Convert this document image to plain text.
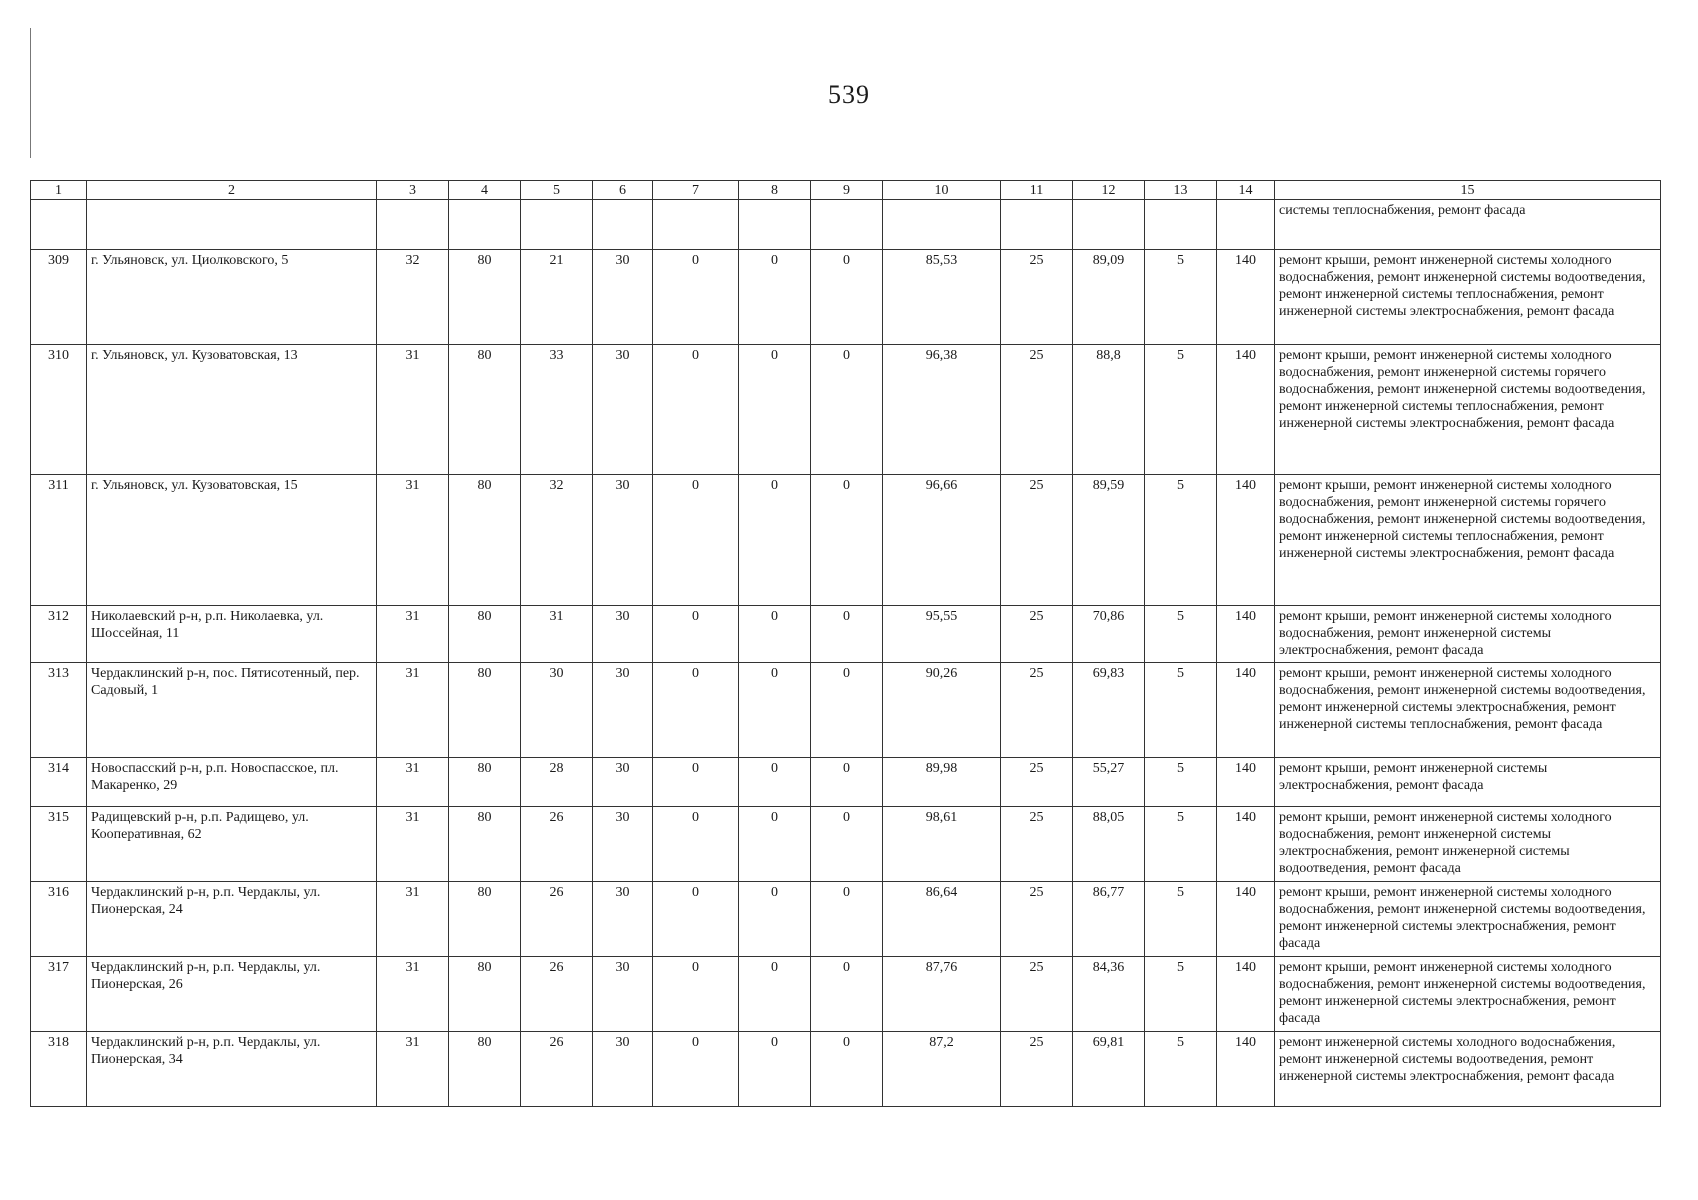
539
1	2	3	4	5	6	7	8	9	10	11	12	13	14	15
														системы теплоснабжения, ремонт фасада
309	г. Ульяновск, ул. Циолковского, 5	32	80	21	30	0	0	0	85,53	25	89,09	5	140	ремонт крыши, ремонт инженерной системы холодного водоснабжения, ремонт инженерной системы водоотведения, ремонт инженерной системы теплоснабжения, ремонт инженерной системы электроснабжения, ремонт фасада
310	г. Ульяновск, ул. Кузоватовская, 13	31	80	33	30	0	0	0	96,38	25	88,8	5	140	ремонт крыши, ремонт инженерной системы холодного водоснабжения, ремонт инженерной системы горячего водоснабжения, ремонт инженерной системы водоотведения, ремонт инженерной системы теплоснабжения, ремонт инженерной системы электроснабжения, ремонт фасада
311	г. Ульяновск, ул. Кузоватовская, 15	31	80	32	30	0	0	0	96,66	25	89,59	5	140	ремонт крыши, ремонт инженерной системы холодного водоснабжения, ремонт инженерной системы горячего водоснабжения, ремонт инженерной системы водоотведения, ремонт инженерной системы теплоснабжения, ремонт инженерной системы электроснабжения, ремонт фасада
312	Николаевский р-н, р.п. Николаевка, ул. Шоссейная, 11	31	80	31	30	0	0	0	95,55	25	70,86	5	140	ремонт крыши, ремонт инженерной системы холодного водоснабжения, ремонт инженерной системы электроснабжения, ремонт фасада
313	Чердаклинский р-н, пос. Пятисотенный, пер. Садовый, 1	31	80	30	30	0	0	0	90,26	25	69,83	5	140	ремонт крыши, ремонт инженерной системы холодного водоснабжения, ремонт инженерной системы водоотведения, ремонт инженерной системы электроснабжения, ремонт инженерной системы теплоснабжения, ремонт фасада
314	Новоспасский р-н, р.п. Новоспасское, пл. Макаренко, 29	31	80	28	30	0	0	0	89,98	25	55,27	5	140	ремонт крыши, ремонт инженерной системы электроснабжения, ремонт фасада
315	Радищевский р-н, р.п. Радищево, ул. Кооперативная, 62	31	80	26	30	0	0	0	98,61	25	88,05	5	140	ремонт крыши, ремонт инженерной системы холодного водоснабжения, ремонт инженерной системы электроснабжения, ремонт инженерной системы водоотведения, ремонт фасада
316	Чердаклинский р-н, р.п. Чердаклы, ул. Пионерская, 24	31	80	26	30	0	0	0	86,64	25	86,77	5	140	ремонт крыши, ремонт инженерной системы холодного водоснабжения, ремонт инженерной системы водоотведения, ремонт инженерной системы электроснабжения, ремонт фасада
317	Чердаклинский р-н, р.п. Чердаклы, ул. Пионерская, 26	31	80	26	30	0	0	0	87,76	25	84,36	5	140	ремонт крыши, ремонт инженерной системы холодного водоснабжения, ремонт инженерной системы водоотведения, ремонт инженерной системы электроснабжения, ремонт фасада
318	Чердаклинский р-н, р.п. Чердаклы, ул. Пионерская, 34	31	80	26	30	0	0	0	87,2	25	69,81	5	140	ремонт инженерной системы холодного водоснабжения, ремонт инженерной системы водоотведения, ремонт инженерной системы электроснабжения, ремонт фасада
